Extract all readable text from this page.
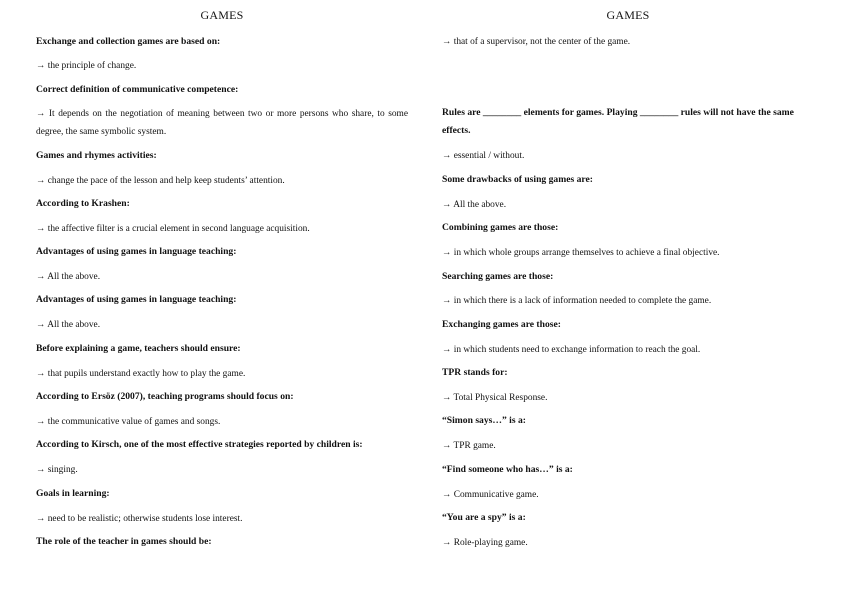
GAMES
Exchange and collection games are based on:
→ the principle of change.
Correct definition of communicative competence:
→ It depends on the negotiation of meaning between two or more persons who share, to some degree, the same symbolic system.
Games and rhymes activities:
→ change the pace of the lesson and help keep students’ attention.
According to Krashen:
→ the affective filter is a crucial element in second language acquisition.
Advantages of using games in language teaching:
→ All the above.
Advantages of using games in language teaching:
→ All the above.
Before explaining a game, teachers should ensure:
→ that pupils understand exactly how to play the game.
According to Ersöz (2007), teaching programs should focus on:
→ the communicative value of games and songs.
According to Kirsch, one of the most effective strategies reported by children is:
→ singing.
Goals in learning:
→ need to be realistic; otherwise students lose interest.
The role of the teacher in games should be:
GAMES
→ that of a supervisor, not the center of the game.
Rules are ________ elements for games. Playing ________ rules will not have the same effects.
→ essential / without.
Some drawbacks of using games are:
→ All the above.
Combining games are those:
→ in which whole groups arrange themselves to achieve a final objective.
Searching games are those:
→ in which there is a lack of information needed to complete the game.
Exchanging games are those:
→ in which students need to exchange information to reach the goal.
TPR stands for:
→ Total Physical Response.
“Simon says…” is a:
→ TPR game.
“Find someone who has…” is a:
→ Communicative game.
“You are a spy” is a:
→ Role-playing game.
